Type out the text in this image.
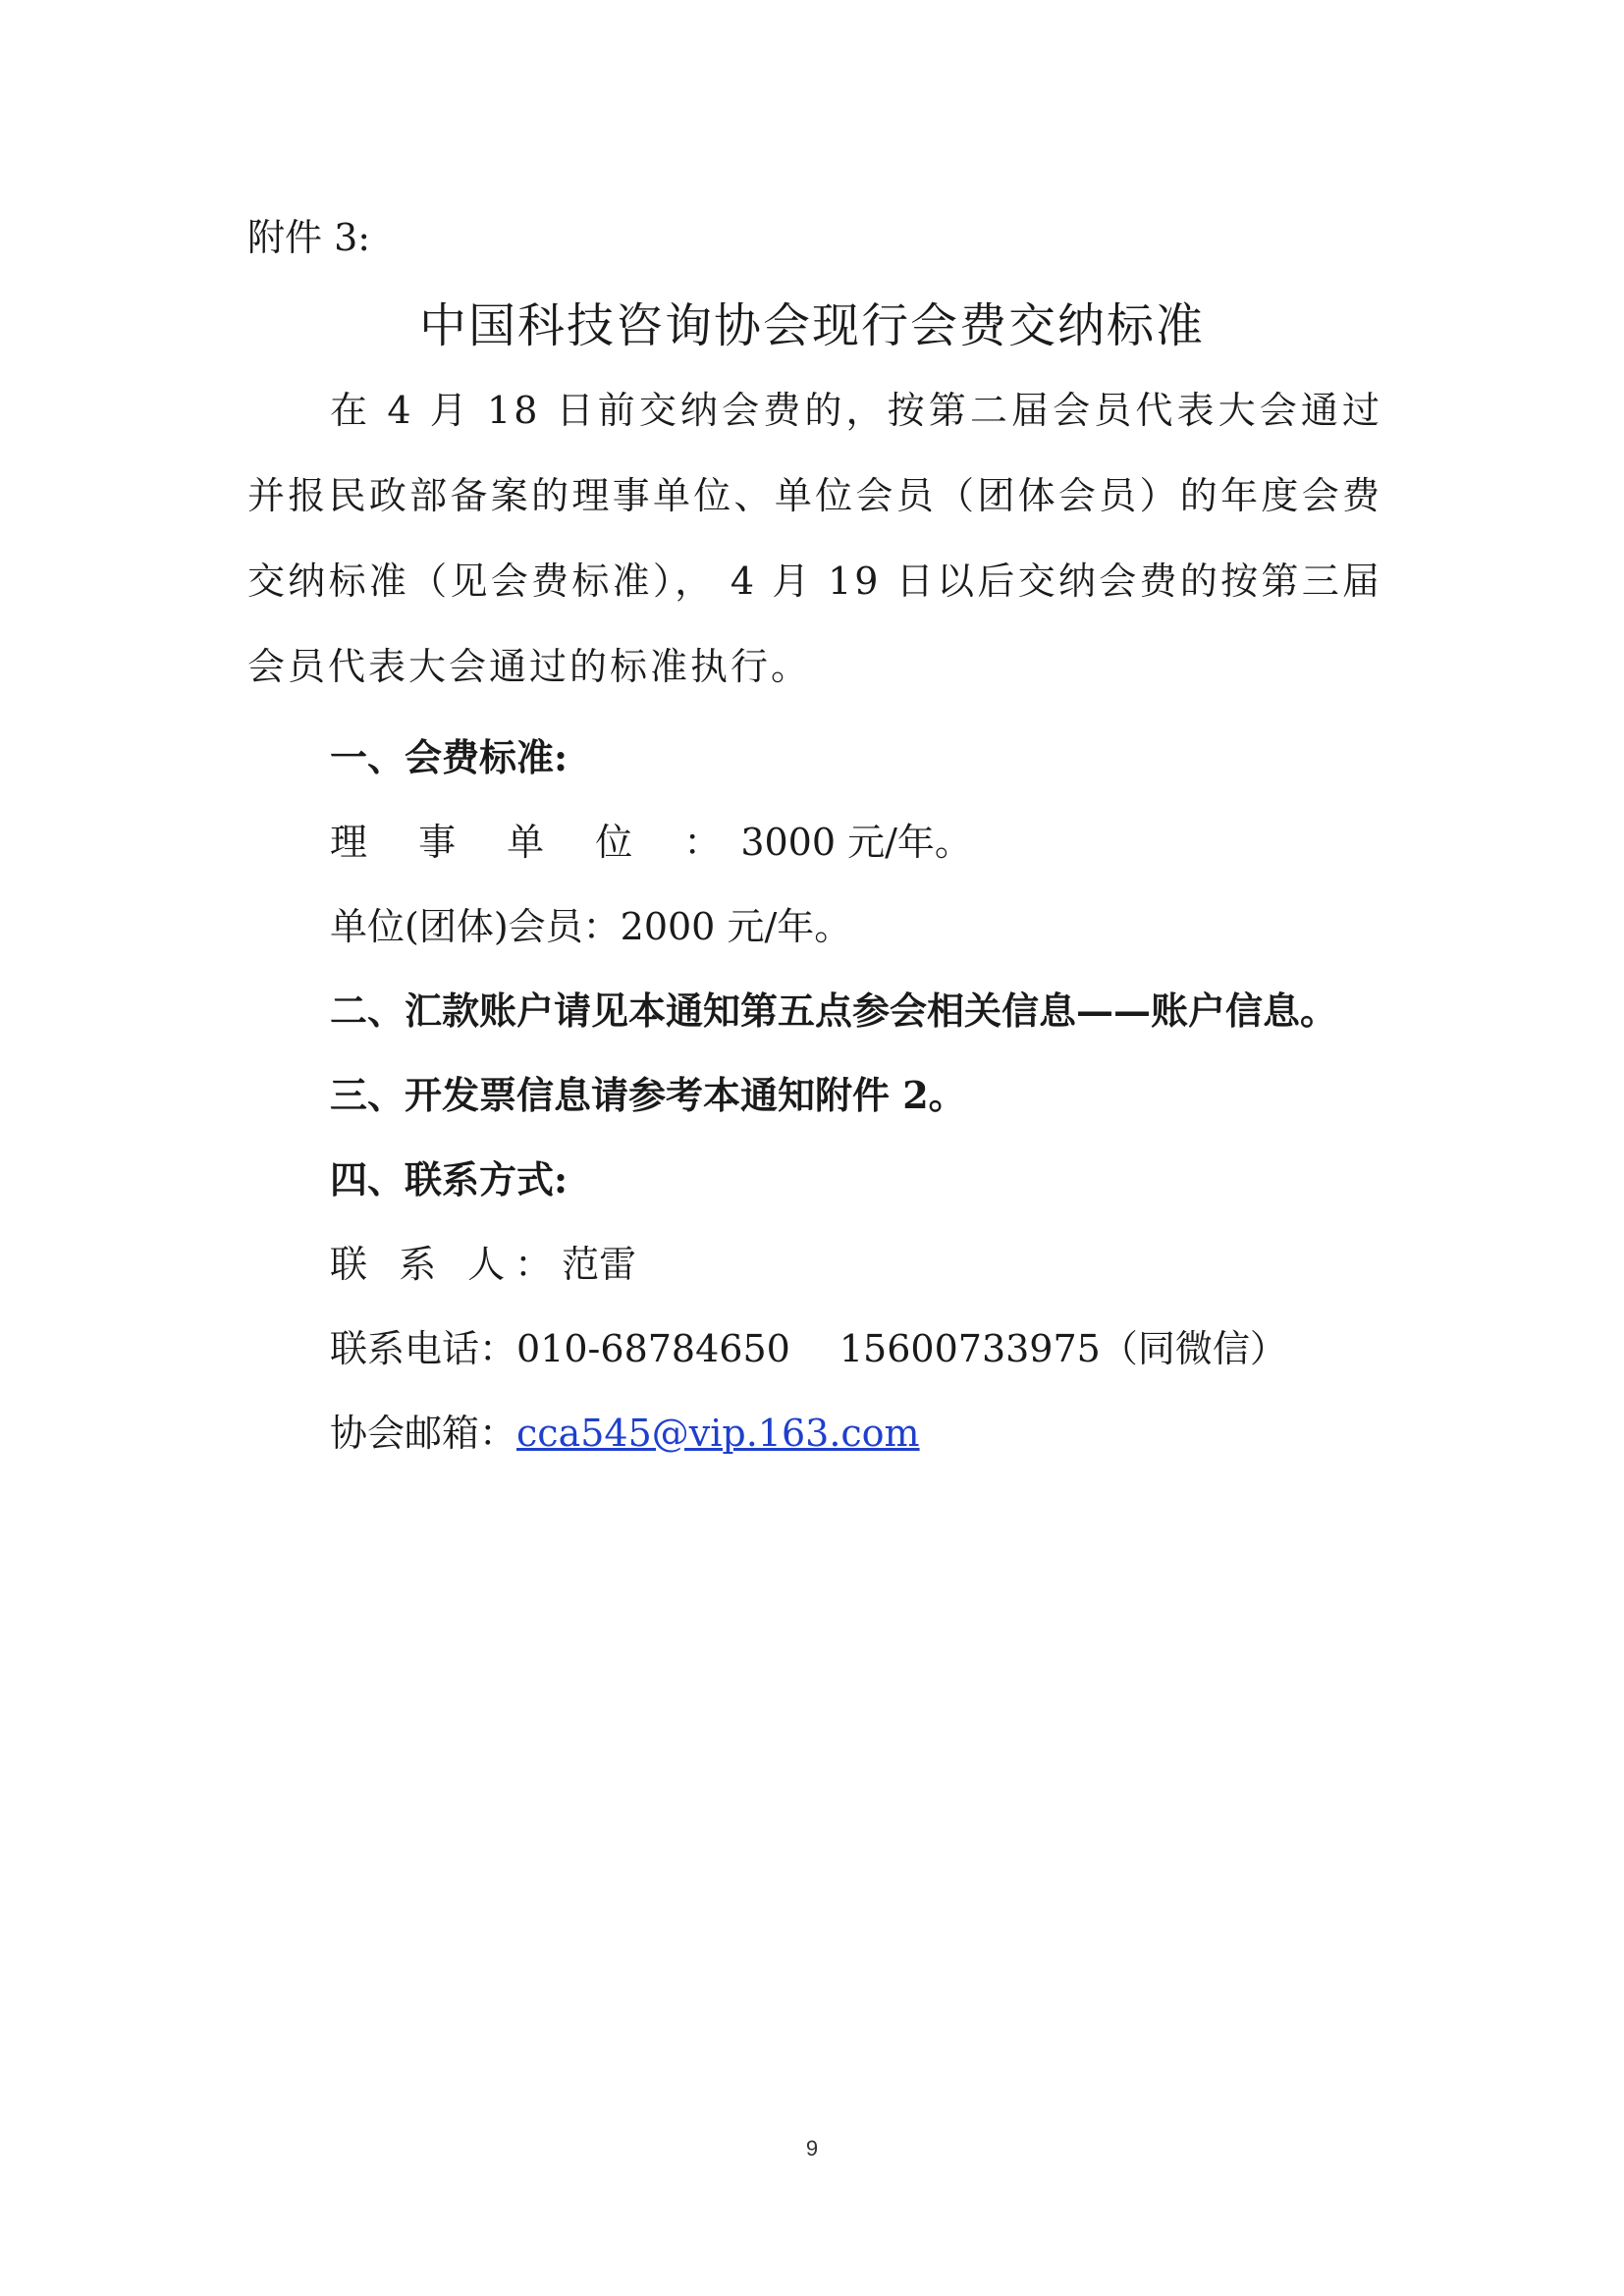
附件 3:
中国科技咨询协会现行会费交纳标准
在 4 月 18 日前交纳会费的，按第二届会员代表大会通过并报民政部备案的理事单位、单位会员（团体会员）的年度会费交纳标准（见会费标准）， 4 月 19 日以后交纳会费的按第三届会员代表大会通过的标准执行。
一、会费标准:
理 事 单 位 ：3000 元/年。
单位(团体)会员：2000 元/年。
二、汇款账户请见本通知第五点参会相关信息——账户信息。
三、开发票信息请参考本通知附件 2。
四、联系方式:
联 系 人：范雷
联系电话：010-68784650　 15600733975（同微信）
协会邮箱：cca545@vip.163.com
9
